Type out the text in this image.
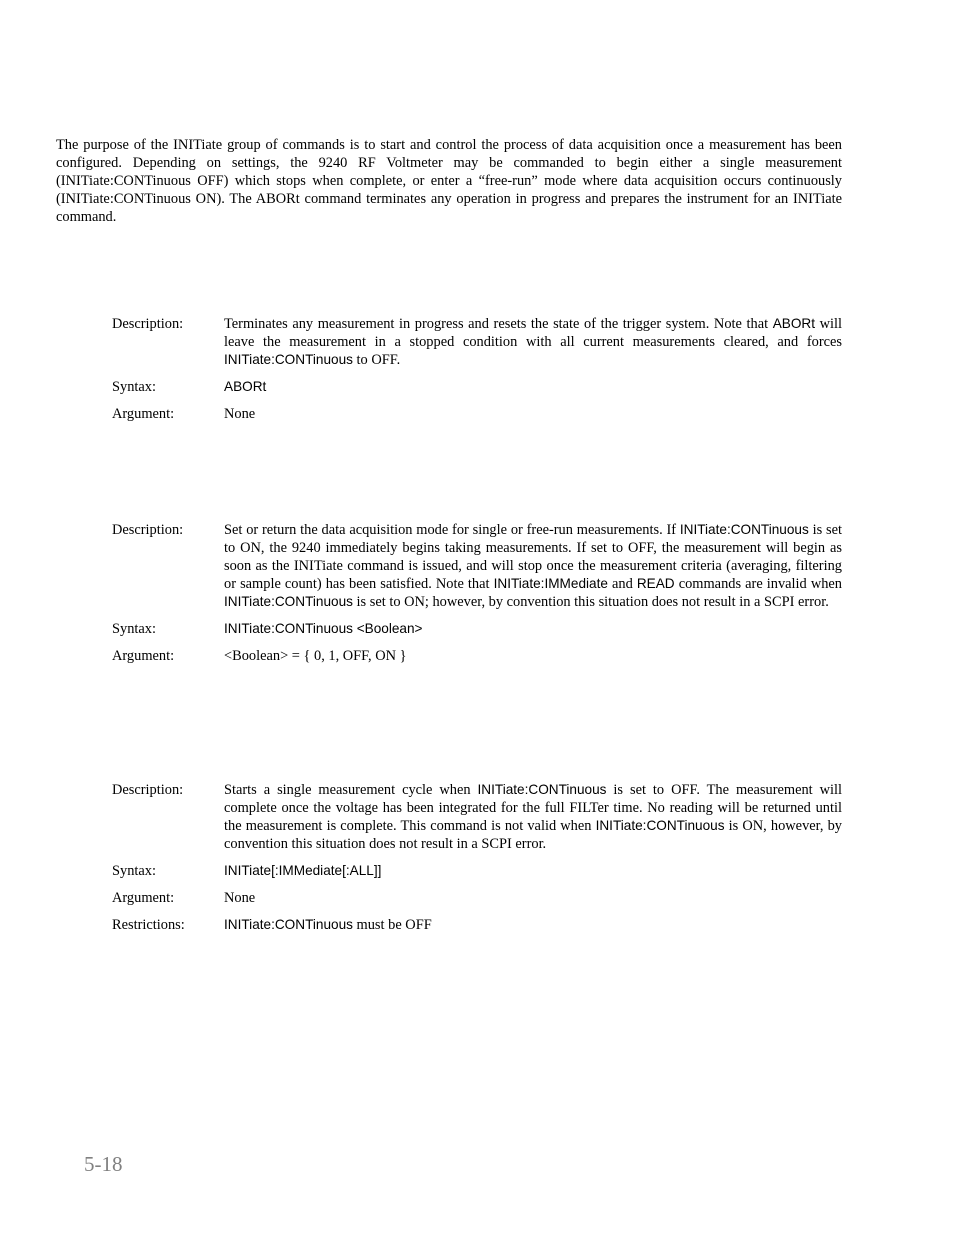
The purpose of the INITiate group of commands is to start and control the process of data acquisition once a measurement has been configured. Depending on settings, the 9240 RF Voltmeter may be commanded to begin either a single measurement (INITiate:CONTinuous OFF) which stops when complete, or enter a “free-run” mode where data acquisition occurs continuously (INITiate:CONTinuous ON). The ABORt command terminates any operation in progress and prepares the instrument for an INITiate command.

Description:	Terminates any measurement in progress and resets the state of the trigger system. Note that ABORt will leave the measurement in a stopped condition with all current measurements cleared, and forces INITiate:CONTinuous to OFF.
Syntax:	ABORt
Argument:	None
Description:	Set or return the data acquisition mode for single or free-run measurements. If INITiate:CONTinuous is set to ON, the 9240 immediately begins taking measurements. If set to OFF, the measurement will begin as soon as the INITiate command is issued, and will stop once the measurement criteria (averaging, filtering or sample count) has been satisfied. Note that INITiate:IMMediate and READ commands are invalid when INITiate:CONTinuous is set to ON; however, by convention this situation does not result in a SCPI error.
Syntax:	INITiate:CONTinuous <Boolean>
Argument:	<Boolean> = { 0, 1, OFF, ON }
Description:	Starts a single measurement cycle when INITiate:CONTinuous is set to OFF. The measurement will complete once the voltage has been integrated for the full FILTer time. No reading will be returned until the measurement is complete. This command is not valid when INITiate:CONTinuous is ON, however, by convention this situation does not result in a SCPI error.
Syntax:	INITiate[:IMMediate[:ALL]]
Argument:	None
Restrictions:	INITiate:CONTinuous must be OFF

5-18
